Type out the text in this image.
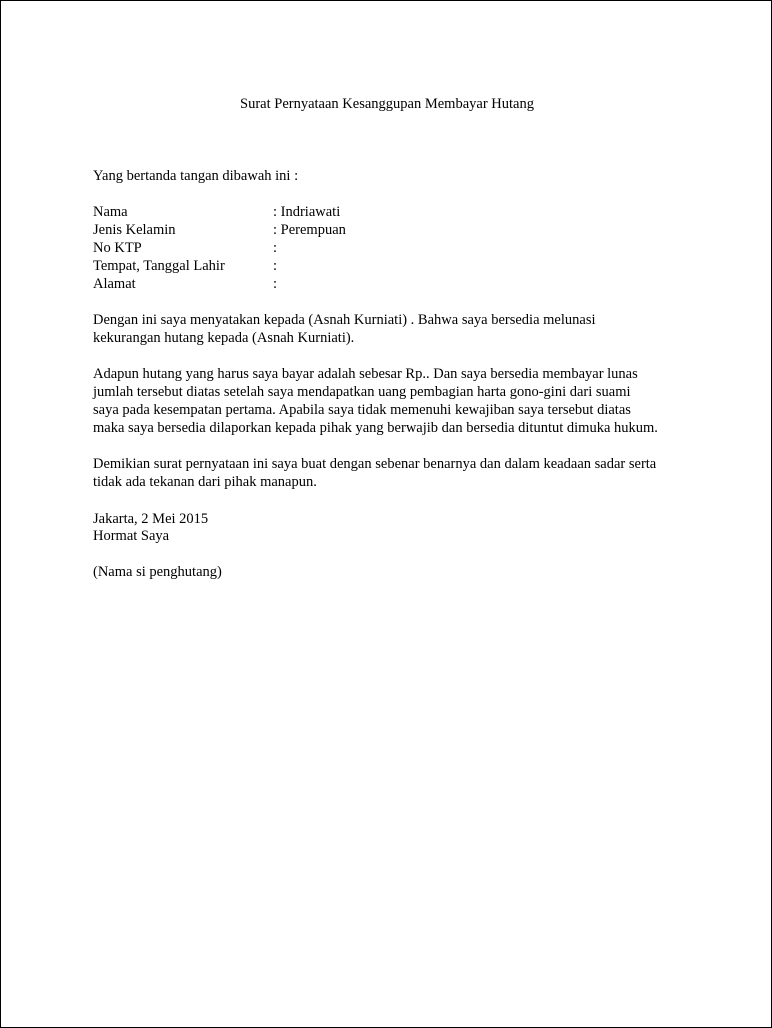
Surat Pernyataan Kesanggupan Membayar Hutang
Yang bertanda tangan dibawah ini :
Nama	: Indriawati
Jenis Kelamin	: Perempuan
No KTP	:
Tempat, Tanggal Lahir	:
Alamat	:
Dengan ini saya menyatakan kepada (Asnah Kurniati) . Bahwa saya bersedia melunasi
kekurangan hutang kepada (Asnah Kurniati).
Adapun hutang yang harus saya bayar adalah sebesar Rp.. Dan saya bersedia membayar lunas
jumlah tersebut diatas setelah saya mendapatkan uang pembagian harta gono-gini dari suami
saya pada kesempatan pertama. Apabila saya tidak memenuhi kewajiban saya tersebut diatas
maka saya bersedia dilaporkan kepada pihak yang berwajib dan bersedia dituntut dimuka hukum.
Demikian surat pernyataan ini saya buat dengan sebenar benarnya dan dalam keadaan sadar serta
tidak ada tekanan dari pihak manapun.
Jakarta, 2 Mei 2015
Hormat Saya
(Nama si penghutang)
